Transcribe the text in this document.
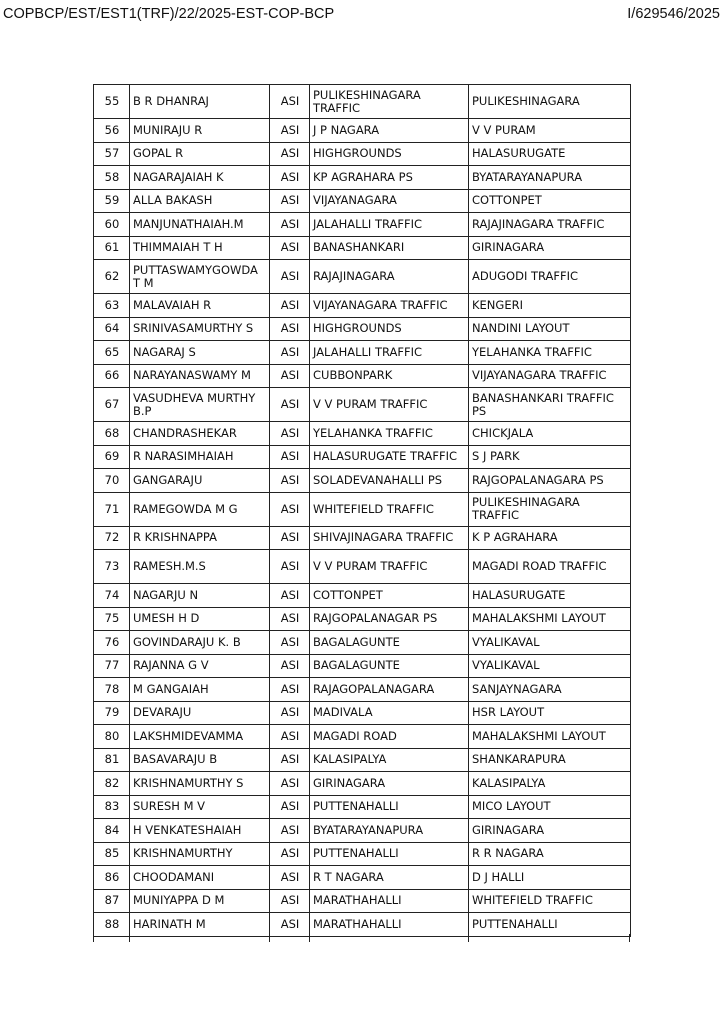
COPBCP/EST/EST1(TRF)/22/2025-EST-COP-BCP	I/629546/2025
55	B R DHANRAJ	ASI	PULIKESHINAGARA TRAFFIC	PULIKESHINAGARA
56	MUNIRAJU R	ASI	J P NAGARA	V V PURAM
57	GOPAL R	ASI	HIGHGROUNDS	HALASURUGATE
58	NAGARAJAIAH K	ASI	KP AGRAHARA PS	BYATARAYANAPURA
59	ALLA BAKASH	ASI	VIJAYANAGARA	COTTONPET
60	MANJUNATHAIAH.M	ASI	JALAHALLI TRAFFIC	RAJAJINAGARA TRAFFIC
61	THIMMAIAH T H	ASI	BANASHANKARI	GIRINAGARA
62	PUTTASWAMYGOWDA T M	ASI	RAJAJINAGARA	ADUGODI TRAFFIC
63	MALAVAIAH R	ASI	VIJAYANAGARA TRAFFIC	KENGERI
64	SRINIVASAMURTHY S	ASI	HIGHGROUNDS	NANDINI LAYOUT
65	NAGARAJ S	ASI	JALAHALLI TRAFFIC	YELAHANKA TRAFFIC
66	NARAYANASWAMY M	ASI	CUBBONPARK	VIJAYANAGARA TRAFFIC
67	VASUDHEVA MURTHY B.P	ASI	V V PURAM TRAFFIC	BANASHANKARI TRAFFIC PS
68	CHANDRASHEKAR	ASI	YELAHANKA TRAFFIC	CHICKJALA
69	R NARASIMHAIAH	ASI	HALASURUGATE TRAFFIC	S J PARK
70	GANGARAJU	ASI	SOLADEVANAHALLI PS	RAJGOPALANAGARA PS
71	RAMEGOWDA M G	ASI	WHITEFIELD TRAFFIC	PULIKESHINAGARA TRAFFIC
72	R KRISHNAPPA	ASI	SHIVAJINAGARA TRAFFIC	K P AGRAHARA
73	RAMESH.M.S	ASI	V V PURAM TRAFFIC	MAGADI ROAD TRAFFIC
74	NAGARJU N	ASI	COTTONPET	HALASURUGATE
75	UMESH H D	ASI	RAJGOPALANAGAR PS	MAHALAKSHMI LAYOUT
76	GOVINDARAJU K. B	ASI	BAGALAGUNTE	VYALIKAVAL
77	RAJANNA G V	ASI	BAGALAGUNTE	VYALIKAVAL
78	M GANGAIAH	ASI	RAJAGOPALANAGARA	SANJAYNAGARA
79	DEVARAJU	ASI	MADIVALA	HSR LAYOUT
80	LAKSHMIDEVAMMA	ASI	MAGADI ROAD	MAHALAKSHMI LAYOUT
81	BASAVARAJU B	ASI	KALASIPALYA	SHANKARAPURA
82	KRISHNAMURTHY S	ASI	GIRINAGARA	KALASIPALYA
83	SURESH M V	ASI	PUTTENAHALLI	MICO LAYOUT
84	H VENKATESHAIAH	ASI	BYATARAYANAPURA	GIRINAGARA
85	KRISHNAMURTHY	ASI	PUTTENAHALLI	R R NAGARA
86	CHOODAMANI	ASI	R T NAGARA	D J HALLI
87	MUNIYAPPA D M	ASI	MARATHAHALLI	WHITEFIELD TRAFFIC
88	HARINATH M	ASI	MARATHAHALLI	PUTTENAHALLI
